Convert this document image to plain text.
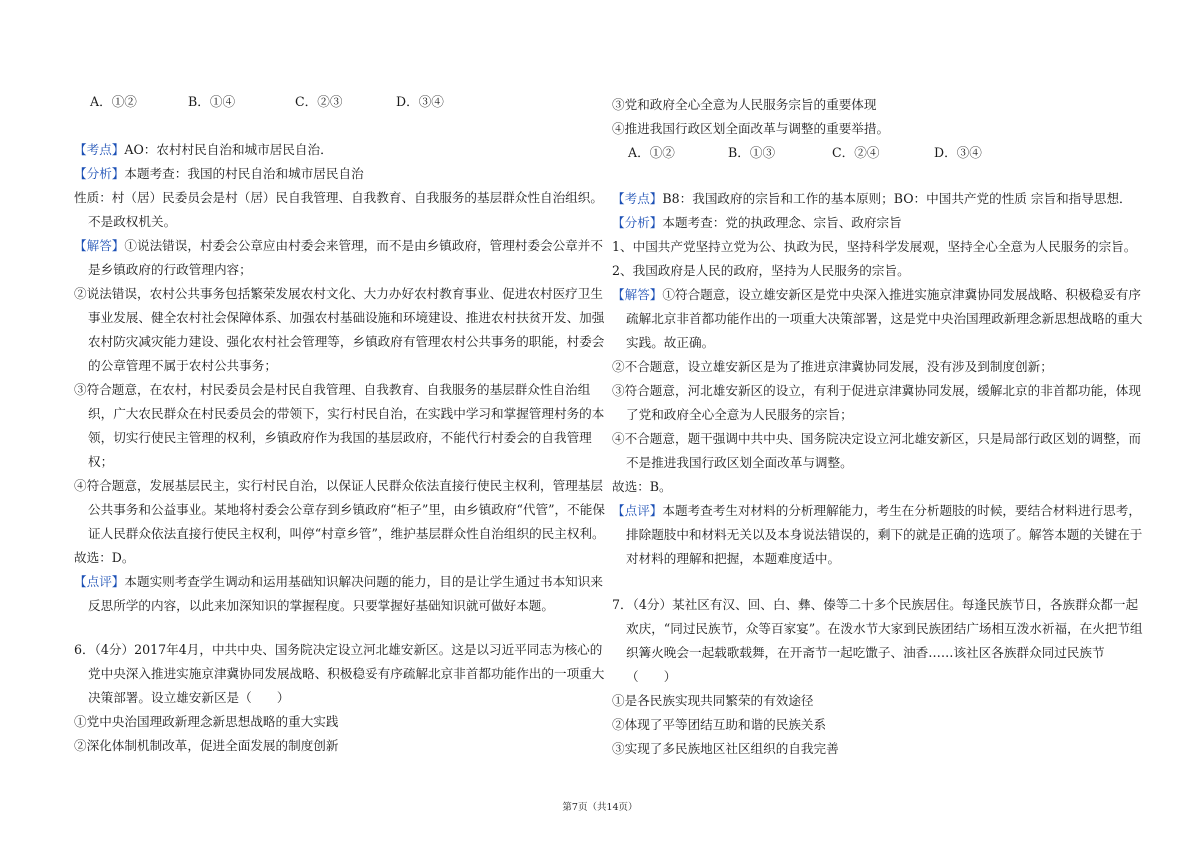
A．①②	B．①④	C．②③	D．③④
【考点】AO：农村村民自治和城市居民自治．
【分析】本题考查：我国的村民自治和城市居民自治
性质：村（居）民委员会是村（居）民自我管理、自我教育、自我服务的基层群众性自治组织。
不是政权机关。
【解答】①说法错误，村委会公章应由村委会来管理，而不是由乡镇政府，管理村委会公章并不
是乡镇政府的行政管理内容；
②说法错误，农村公共事务包括繁荣发展农村文化、大力办好农村教育事业、促进农村医疗卫生
事业发展、健全农村社会保障体系、加强农村基础设施和环境建设、推进农村扶贫开发、加强
农村防灾减灾能力建设、强化农村社会管理等，乡镇政府有管理农村公共事务的职能，村委会
的公章管理不属于农村公共事务；
③符合题意，在农村，村民委员会是村民自我管理、自我教育、自我服务的基层群众性自治组
织，广大农民群众在村民委员会的带领下，实行村民自治，在实践中学习和掌握管理村务的本
领，切实行使民主管理的权利，乡镇政府作为我国的基层政府，不能代行村委会的自我管理
权；
④符合题意，发展基层民主，实行村民自治，以保证人民群众依法直接行使民主权利，管理基层
公共事务和公益事业。某地将村委会公章存到乡镇政府“柜子”里，由乡镇政府“代管”，不能保
证人民群众依法直接行使民主权利，叫停“村章乡管”，维护基层群众性自治组织的民主权利。
故选：D。
【点评】本题实则考查学生调动和运用基础知识解决问题的能力，目的是让学生通过书本知识来
反思所学的内容，以此来加深知识的掌握程度。只要掌握好基础知识就可做好本题。
6．（4分）2017年4月，中共中央、国务院决定设立河北雄安新区。这是以习近平同志为核心的
党中央深入推进实施京津冀协同发展战略、积极稳妥有序疏解北京非首都功能作出的一项重大
决策部署。设立雄安新区是（　　）
①党中央治国理政新理念新思想战略的重大实践
②深化体制机制改革，促进全面发展的制度创新
③党和政府全心全意为人民服务宗旨的重要体现
④推进我国行政区划全面改革与调整的重要举措。
A．①②	B．①③	C．②④	D．③④
【考点】B8：我国政府的宗旨和工作的基本原则；BO：中国共产党的性质 宗旨和指导思想．
【分析】本题考查：党的执政理念、宗旨、政府宗旨
1、中国共产党坚持立党为公、执政为民，坚持科学发展观，坚持全心全意为人民服务的宗旨。
2、我国政府是人民的政府，坚持为人民服务的宗旨。
【解答】①符合题意，设立雄安新区是党中央深入推进实施京津冀协同发展战略、积极稳妥有序
疏解北京非首都功能作出的一项重大决策部署，这是党中央治国理政新理念新思想战略的重大
实践。故正确。
②不合题意，设立雄安新区是为了推进京津冀协同发展，没有涉及到制度创新；
③符合题意，河北雄安新区的设立，有利于促进京津冀协同发展，缓解北京的非首都功能，体现
了党和政府全心全意为人民服务的宗旨；
④不合题意，题干强调中共中央、国务院决定设立河北雄安新区，只是局部行政区划的调整，而
不是推进我国行政区划全面改革与调整。
故选：B。
【点评】本题考查考生对材料的分析理解能力，考生在分析题肢的时候，要结合材料进行思考，
排除题肢中和材料无关以及本身说法错误的，剩下的就是正确的选项了。解答本题的关键在于
对材料的理解和把握，本题难度适中。
7．（4分）某社区有汉、回、白、彝、傣等二十多个民族居住。每逢民族节日，各族群众都一起
欢庆，“同过民族节，众等百家宴”。在泼水节大家到民族团结广场相互泼水祈福，在火把节组
织篝火晚会一起载歌载舞，在开斋节一起吃馓子、油香……该社区各族群众同过民族节
（　　）
①是各民族实现共同繁荣的有效途径
②体现了平等团结互助和谐的民族关系
③实现了多民族地区社区组织的自我完善
第7页（共14页）
